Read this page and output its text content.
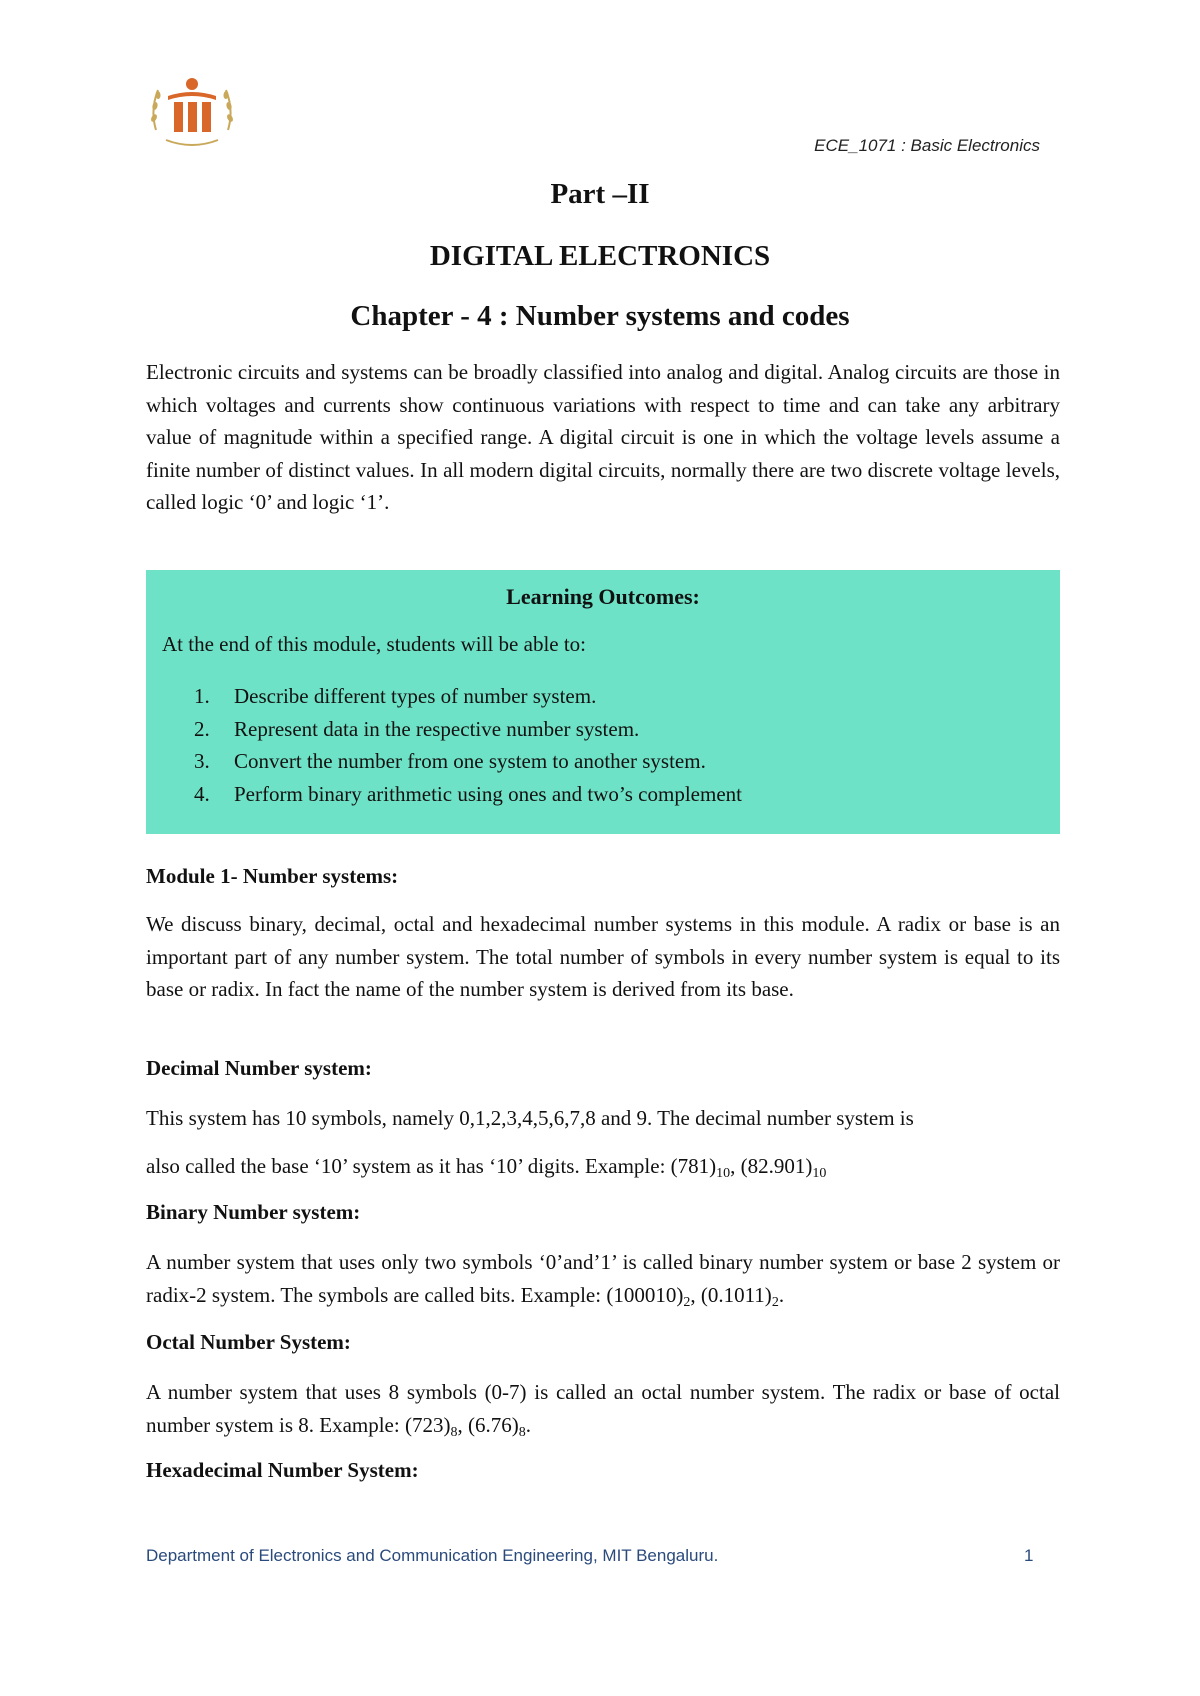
ECE_1071 : Basic Electronics
Part –II
DIGITAL ELECTRONICS
Chapter - 4 : Number systems and codes

Electronic circuits and systems can be broadly classified into analog and digital. Analog circuits are those in which voltages and currents show continuous variations with respect to time and can take any arbitrary value of magnitude within a specified range. A digital circuit is one in which the voltage levels assume a finite number of distinct values. In all modern digital circuits, normally there are two discrete voltage levels, called logic ‘0’ and logic ‘1’.

Learning Outcomes:
At the end of this module, students will be able to:
1. Describe different types of number system.
2. Represent data in the respective number system.
3. Convert the number from one system to another system.
4. Perform binary arithmetic using ones and two’s complement
Module 1- Number systems:

We discuss binary, decimal, octal and hexadecimal number systems in this module. A radix or base is an important part of any number system. The total number of symbols in every number system is equal to its base or radix. In fact the name of the number system is derived from its base.

Decimal Number system:

This system has 10 symbols, namely 0,1,2,3,4,5,6,7,8 and 9. The decimal number system is

also called the base ‘10’ system as it has ‘10’ digits. Example: $(781)_{10}$, $(82.901)_{10}$

Binary Number system:

A number system that uses only two symbols ‘0’and’1’ is called binary number system or base 2 system or radix-2 system. The symbols are called bits. Example: $(100010)_2$, $(0.1011)_2$.

Octal Number System:

A number system that uses 8 symbols (0-7) is called an octal number system. The radix or base of octal number system is 8. Example: $(723)_8$, $(6.76)_8$.

Hexadecimal Number System:
Department of Electronics and Communication Engineering, MIT Bengaluru.	1
